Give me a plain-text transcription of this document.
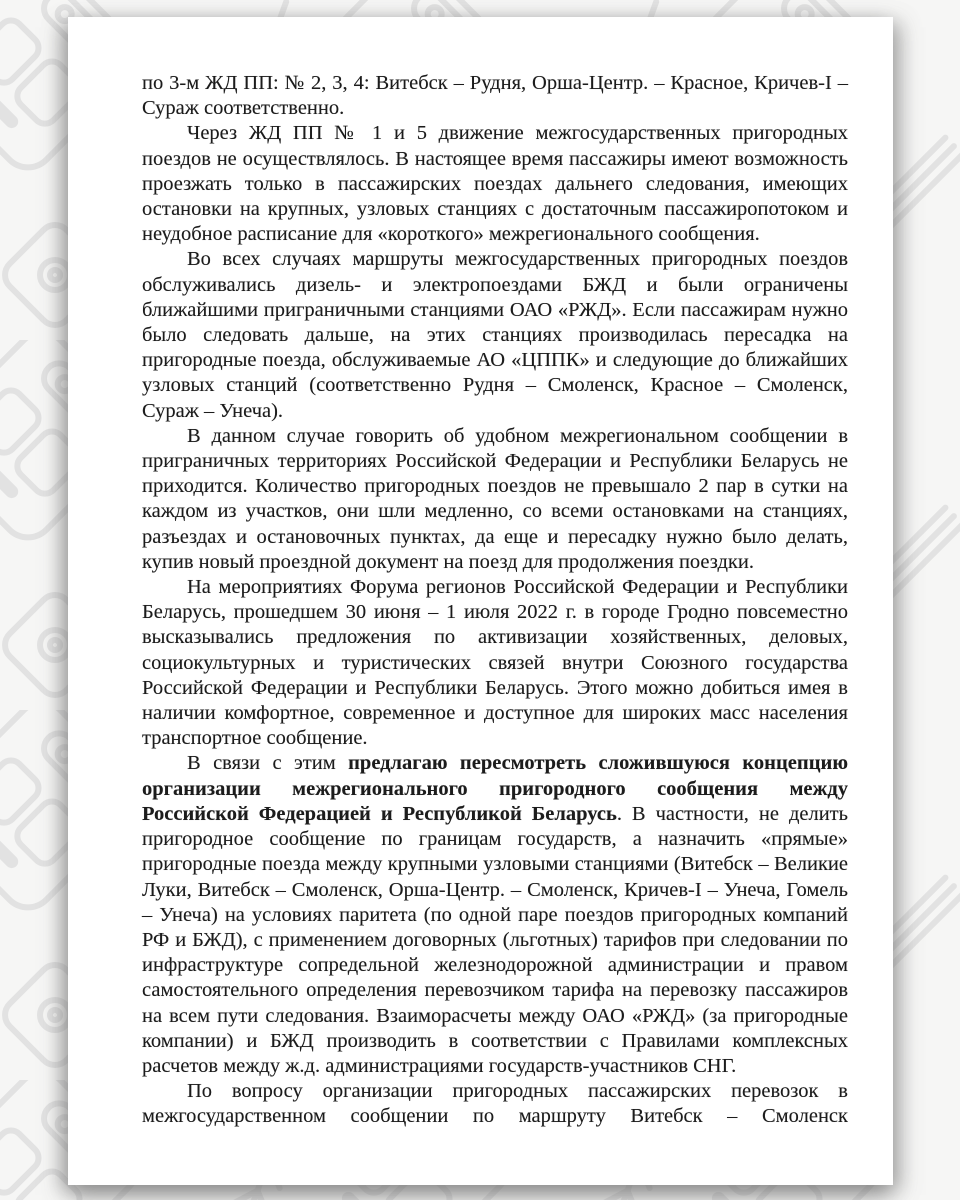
по 3-м ЖД ПП: № 2, 3, 4: Витебск – Рудня, Орша-Центр. – Красное, Кричев-I – Сураж соответственно.

Через ЖД ПП № 1 и 5 движение межгосударственных пригородных поездов не осуществлялось. В настоящее время пассажиры имеют возможность проезжать только в пассажирских поездах дальнего следования, имеющих остановки на крупных, узловых станциях с достаточным пассажиропотоком и неудобное расписание для «короткого» межрегионального сообщения.

Во всех случаях маршруты межгосударственных пригородных поездов обслуживались дизель- и электропоездами БЖД и были ограничены ближайшими приграничными станциями ОАО «РЖД». Если пассажирам нужно было следовать дальше, на этих станциях производилась пересадка на пригородные поезда, обслуживаемые АО «ЦППК» и следующие до ближайших узловых станций (соответственно Рудня – Смоленск, Красное – Смоленск, Сураж – Унеча).

В данном случае говорить об удобном межрегиональном сообщении в приграничных территориях Российской Федерации и Республики Беларусь не приходится. Количество пригородных поездов не превышало 2 пар в сутки на каждом из участков, они шли медленно, со всеми остановками на станциях, разъездах и остановочных пунктах, да еще и пересадку нужно было делать, купив новый проездной документ на поезд для продолжения поездки.

На мероприятиях Форума регионов Российской Федерации и Республики Беларусь, прошедшем 30 июня – 1 июля 2022 г. в городе Гродно повсеместно высказывались предложения по активизации хозяйственных, деловых, социокультурных и туристических связей внутри Союзного государства Российской Федерации и Республики Беларусь. Этого можно добиться имея в наличии комфортное, современное и доступное для широких масс населения транспортное сообщение.

В связи с этим предлагаю пересмотреть сложившуюся концепцию организации межрегионального пригородного сообщения между Российской Федерацией и Республикой Беларусь. В частности, не делить пригородное сообщение по границам государств, а назначить «прямые» пригородные поезда между крупными узловыми станциями (Витебск – Великие Луки, Витебск – Смоленск, Орша-Центр. – Смоленск, Кричев-I – Унеча, Гомель – Унеча) на условиях паритета (по одной паре поездов пригородных компаний РФ и БЖД), с применением договорных (льготных) тарифов при следовании по инфраструктуре сопредельной железнодорожной администрации и правом самостоятельного определения перевозчиком тарифа на перевозку пассажиров на всем пути следования. Взаиморасчеты между ОАО «РЖД» (за пригородные компании) и БЖД производить в соответствии с Правилами комплексных расчетов между ж.д. администрациями государств-участников СНГ.

По вопросу организации пригородных пассажирских перевозок в межгосударственном сообщении по маршруту Витебск – Смоленск
